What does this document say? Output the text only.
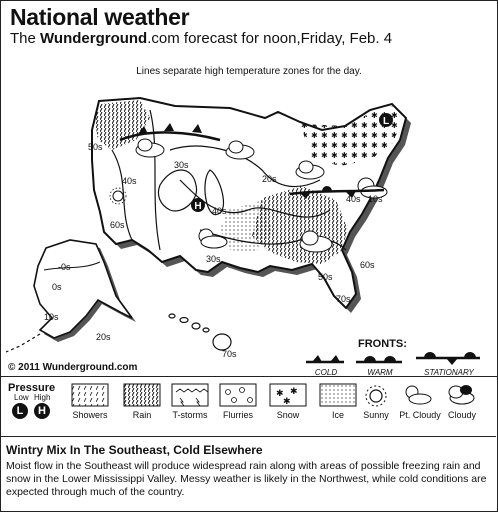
National weather
The Wunderground.com forecast for noon,Friday, Feb. 4
Lines separate high temperature zones for the day.
H
L
50s
30s
40s	20s
60s
40s 10s
30s
40s
60s
50s
70s
-0s
0s
10s
20s
70s
© 2011 Wunderground.com
FRONTS:
COLD	WARM	STATIONARY
Pressure
Low High
L	H
✱ ✱
✱
Showers	Rain	T-storms	Flurries	Snow	Ice	Sunny	Pt. Cloudy Cloudy
Wintry Mix In The Southeast, Cold Elsewhere
Moist flow in the Southeast will produce widespread rain along with areas of possible freezing rain and snow in the Lower Mississippi Valley. Messy weather is likely in the Northwest, while cold conditions are expected through much of the country.
